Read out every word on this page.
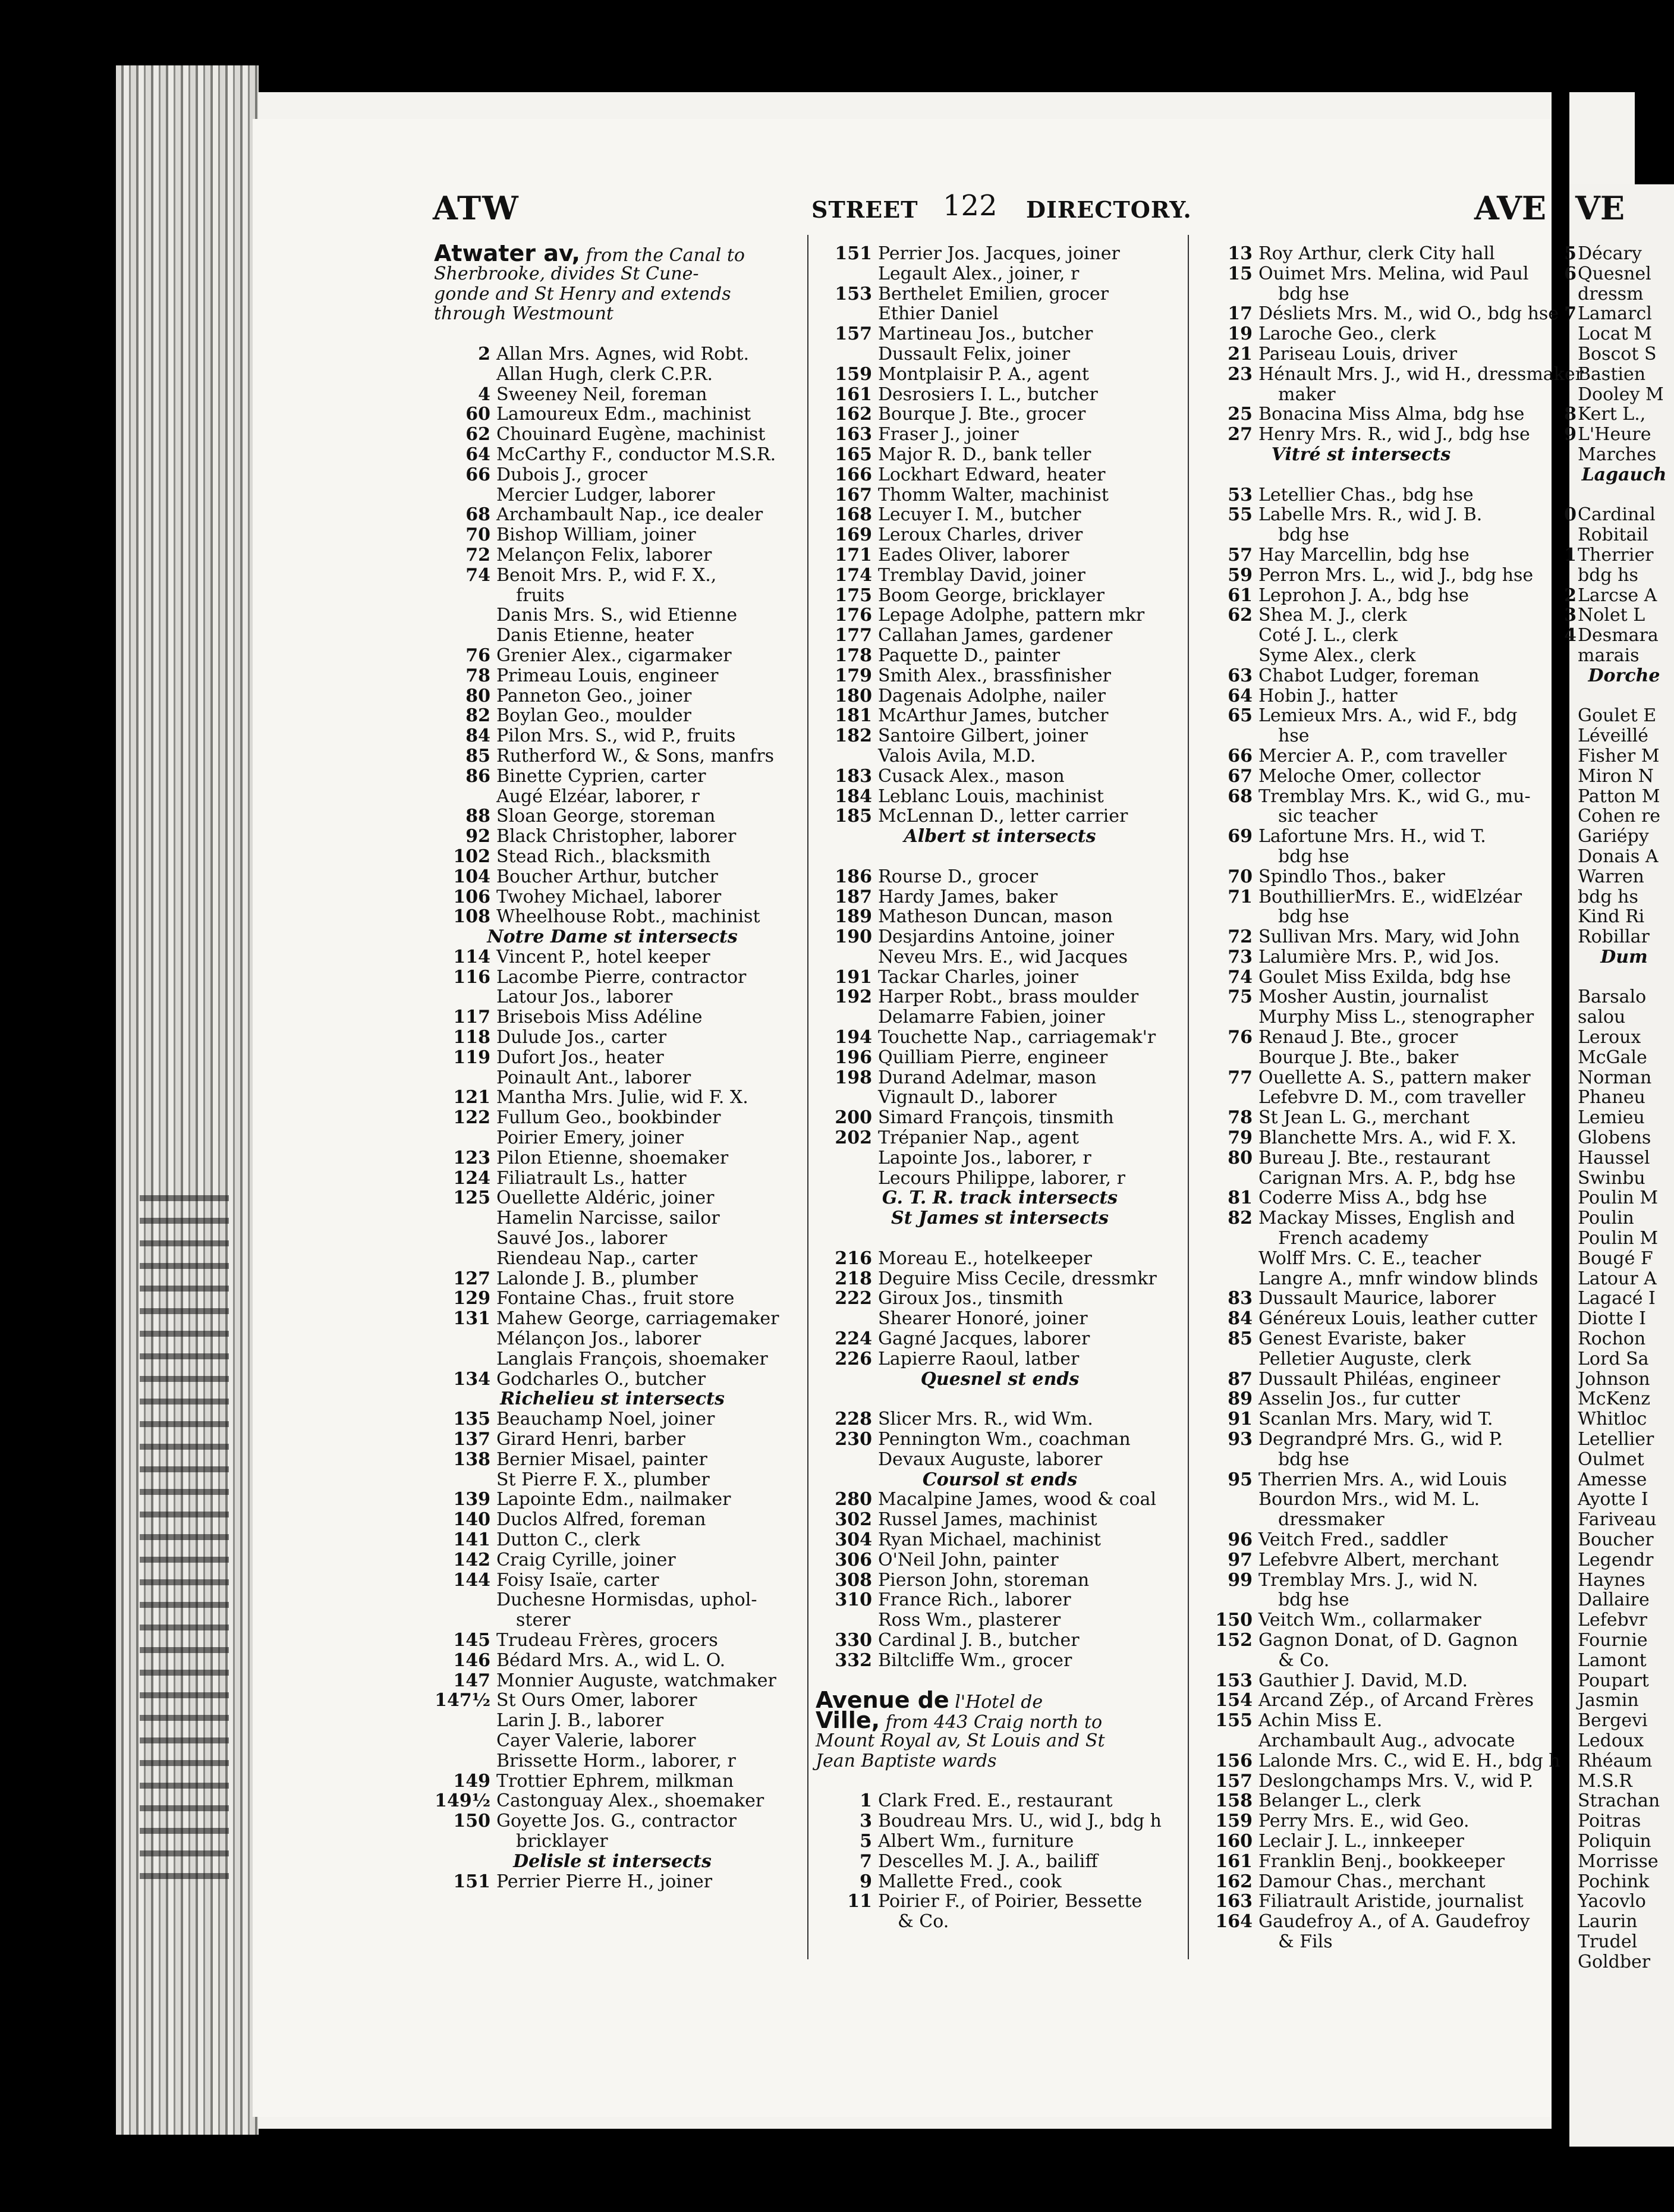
ATW	STREET 122 DIRECTORY.	AVE VE
Atwater av, from the Canal to
Sherbrooke, divides St Cune-
gonde and St Henry and extends
through Westmount
2 Allan Mrs. Agnes, wid Robt.
Allan Hugh, clerk C.P.R.
4 Sweeney Neil, foreman
60 Lamoureux Edm., machinist
62 Chouinard Eugène, machinist
64 McCarthy F., conductor M.S.R.
66 Dubois J., grocer
Mercier Ludger, laborer
68 Archambault Nap., ice dealer
70 Bishop William, joiner
72 Melançon Felix, laborer
74 Benoit Mrs. P., wid F. X.,
fruits
Danis Mrs. S., wid Etienne
Danis Etienne, heater
76 Grenier Alex., cigarmaker
78 Primeau Louis, engineer
80 Panneton Geo., joiner
82 Boylan Geo., moulder
84 Pilon Mrs. S., wid P., fruits
85 Rutherford W., & Sons, manfrs
86 Binette Cyprien, carter
Augé Elzéar, laborer, r
88 Sloan George, storeman
92 Black Christopher, laborer
102 Stead Rich., blacksmith
104 Boucher Arthur, butcher
106 Twohey Michael, laborer
108 Wheelhouse Robt., machinist
Notre Dame st intersects
114 Vincent P., hotel keeper
116 Lacombe Pierre, contractor
Latour Jos., laborer
117 Brisebois Miss Adéline
118 Dulude Jos., carter
119 Dufort Jos., heater
Poinault Ant., laborer
121 Mantha Mrs. Julie, wid F. X.
122 Fullum Geo., bookbinder
Poirier Emery, joiner
123 Pilon Etienne, shoemaker
124 Filiatrault Ls., hatter
125 Ouellette Aldéric, joiner
Hamelin Narcisse, sailor
Sauvé Jos., laborer
Riendeau Nap., carter
127 Lalonde J. B., plumber
129 Fontaine Chas., fruit store
131 Mahew George, carriagemaker
Mélançon Jos., laborer
Langlais François, shoemaker
134 Godcharles O., butcher
Richelieu st intersects
135 Beauchamp Noel, joiner
137 Girard Henri, barber
138 Bernier Misael, painter
St Pierre F. X., plumber
139 Lapointe Edm., nailmaker
140 Duclos Alfred, foreman
141 Dutton C., clerk
142 Craig Cyrille, joiner
144 Foisy Isaïe, carter
Duchesne Hormisdas, uphol-
sterer
145 Trudeau Frères, grocers
146 Bédard Mrs. A., wid L. O.
147 Monnier Auguste, watchmaker
147½ St Ours Omer, laborer
Larin J. B., laborer
Cayer Valerie, laborer
Brissette Horm., laborer, r
149 Trottier Ephrem, milkman
149½ Castonguay Alex., shoemaker
150 Goyette Jos. G., contractor
bricklayer
Delisle st intersects
151 Perrier Pierre H., joiner
151 Perrier Jos. Jacques, joiner
Legault Alex., joiner, r
153 Berthelet Emilien, grocer
Ethier Daniel
157 Martineau Jos., butcher
Dussault Felix, joiner
159 Montplaisir P. A., agent
161 Desrosiers I. L., butcher
162 Bourque J. Bte., grocer
163 Fraser J., joiner
165 Major R. D., bank teller
166 Lockhart Edward, heater
167 Thomm Walter, machinist
168 Lecuyer I. M., butcher
169 Leroux Charles, driver
171 Eades Oliver, laborer
174 Tremblay David, joiner
175 Boom George, bricklayer
176 Lepage Adolphe, pattern mkr
177 Callahan James, gardener
178 Paquette D., painter
179 Smith Alex., brassfinisher
180 Dagenais Adolphe, nailer
181 McArthur James, butcher
182 Santoire Gilbert, joiner
Valois Avila, M.D.
183 Cusack Alex., mason
184 Leblanc Louis, machinist
185 McLennan D., letter carrier
Albert st intersects
186 Rourse D., grocer
187 Hardy James, baker
189 Matheson Duncan, mason
190 Desjardins Antoine, joiner
Neveu Mrs. E., wid Jacques
191 Tackar Charles, joiner
192 Harper Robt., brass moulder
Delamarre Fabien, joiner
194 Touchette Nap., carriagemak'r
196 Quilliam Pierre, engineer
198 Durand Adelmar, mason
Vignault D., laborer
200 Simard François, tinsmith
202 Trépanier Nap., agent
Lapointe Jos., laborer, r
Lecours Philippe, laborer, r
G. T. R. track intersects
St James st intersects
216 Moreau E., hotelkeeper
218 Deguire Miss Cecile, dressmkr
222 Giroux Jos., tinsmith
Shearer Honoré, joiner
224 Gagné Jacques, laborer
226 Lapierre Raoul, latber
Quesnel st ends
228 Slicer Mrs. R., wid Wm.
230 Pennington Wm., coachman
Devaux Auguste, laborer
Coursol st ends
280 Macalpine James, wood & coal
302 Russel James, machinist
304 Ryan Michael, machinist
306 O'Neil John, painter
308 Pierson John, storeman
310 France Rich., laborer
Ross Wm., plasterer
330 Cardinal J. B., butcher
332 Biltcliffe Wm., grocer
Avenue de l'Hotel de
Ville, from 443 Craig north to
Mount Royal av, St Louis and St
Jean Baptiste wards
1 Clark Fred. E., restaurant
3 Boudreau Mrs. U., wid J., bdg h
5 Albert Wm., furniture
7 Descelles M. J. A., bailiff
9 Mallette Fred., cook
11 Poirier F., of Poirier, Bessette
& Co.
13 Roy Arthur, clerk City hall
15 Ouimet Mrs. Melina, wid Paul
bdg hse
17 Désliets Mrs. M., wid O., bdg hse
19 Laroche Geo., clerk
21 Pariseau Louis, driver
23 Hénault Mrs. J., wid H., dressmaker
maker
25 Bonacina Miss Alma, bdg hse
27 Henry Mrs. R., wid J., bdg hse
Vitré st intersects
53 Letellier Chas., bdg hse
55 Labelle Mrs. R., wid J. B.
bdg hse
57 Hay Marcellin, bdg hse
59 Perron Mrs. L., wid J., bdg hse
61 Leprohon J. A., bdg hse
62 Shea M. J., clerk
Coté J. L., clerk
Syme Alex., clerk
63 Chabot Ludger, foreman
64 Hobin J., hatter
65 Lemieux Mrs. A., wid F., bdg
hse
66 Mercier A. P., com traveller
67 Meloche Omer, collector
68 Tremblay Mrs. K., wid G., mu-
sic teacher
69 Lafortune Mrs. H., wid T.
bdg hse
70 Spindlo Thos., baker
71 BouthillierMrs. E., widElzéar
bdg hse
72 Sullivan Mrs. Mary, wid John
73 Lalumière Mrs. P., wid Jos.
74 Goulet Miss Exilda, bdg hse
75 Mosher Austin, journalist
Murphy Miss L., stenographer
76 Renaud J. Bte., grocer
Bourque J. Bte., baker
77 Ouellette A. S., pattern maker
Lefebvre D. M., com traveller
78 St Jean L. G., merchant
79 Blanchette Mrs. A., wid F. X.
80 Bureau J. Bte., restaurant
Carignan Mrs. A. P., bdg hse
81 Coderre Miss A., bdg hse
82 Mackay Misses, English and
French academy
Wolff Mrs. C. E., teacher
Langre A., mnfr window blinds
83 Dussault Maurice, laborer
84 Généreux Louis, leather cutter
85 Genest Evariste, baker
Pelletier Auguste, clerk
87 Dussault Philéas, engineer
89 Asselin Jos., fur cutter
91 Scanlan Mrs. Mary, wid T.
93 Degrandpré Mrs. G., wid P.
bdg hse
95 Therrien Mrs. A., wid Louis
Bourdon Mrs., wid M. L.
dressmaker
96 Veitch Fred., saddler
97 Lefebvre Albert, merchant
99 Tremblay Mrs. J., wid N.
bdg hse
150 Veitch Wm., collarmaker
152 Gagnon Donat, of D. Gagnon
& Co.
153 Gauthier J. David, M.D.
154 Arcand Zép., of Arcand Frères
155 Achin Miss E.
Archambault Aug., advocate
156 Lalonde Mrs. C., wid E. H., bdg h
157 Deslongchamps Mrs. V., wid P.
158 Belanger L., clerk
159 Perry Mrs. E., wid Geo.
160 Leclair J. L., innkeeper
161 Franklin Benj., bookkeeper
162 Damour Chas., merchant
163 Filiatrault Aristide, journalist
164 Gaudefroy A., of A. Gaudefroy
& Fils
5 Décary
6 Quesnel
dressm
7 Lamarcl
Locat M
Boscot S
Bastien
Dooley M
8 Kert L.,
9 L'Heure
Marches
Lagauch
0 Cardinal
Robitail
1 Therrier
bdg hs
2 Larcse A
3 Nolet L
4 Desmara
marais
Dorche
Goulet E
Léveillé
Fisher M
Miron N
Patton M
Cohen re
Gariépy
Donais A
Warren
bdg hs
Kind Ri
Robillar
Dum
Barsalo
salou
Leroux
McGale
Norman
Phaneu
Lemieu
Globens
Haussel
Swinbu
Poulin M
Poulin
Poulin M
Bougé F
Latour A
Lagacé I
Diotte I
Rochon
Lord Sa
Johnson
McKenz
Whitloc
Letellier
Oulmet
Amesse
Ayotte I
Fariveau
Boucher
Legendr
Haynes
Dallaire
Lefebvr
Fournie
Lamont
Poupart
Jasmin
Bergevi
Ledoux
Rhéaum
M.S.R
Strachan
Poitras
Poliquin
Morrisse
Pochink
Yacovlo
Laurin
Trudel
Goldber
